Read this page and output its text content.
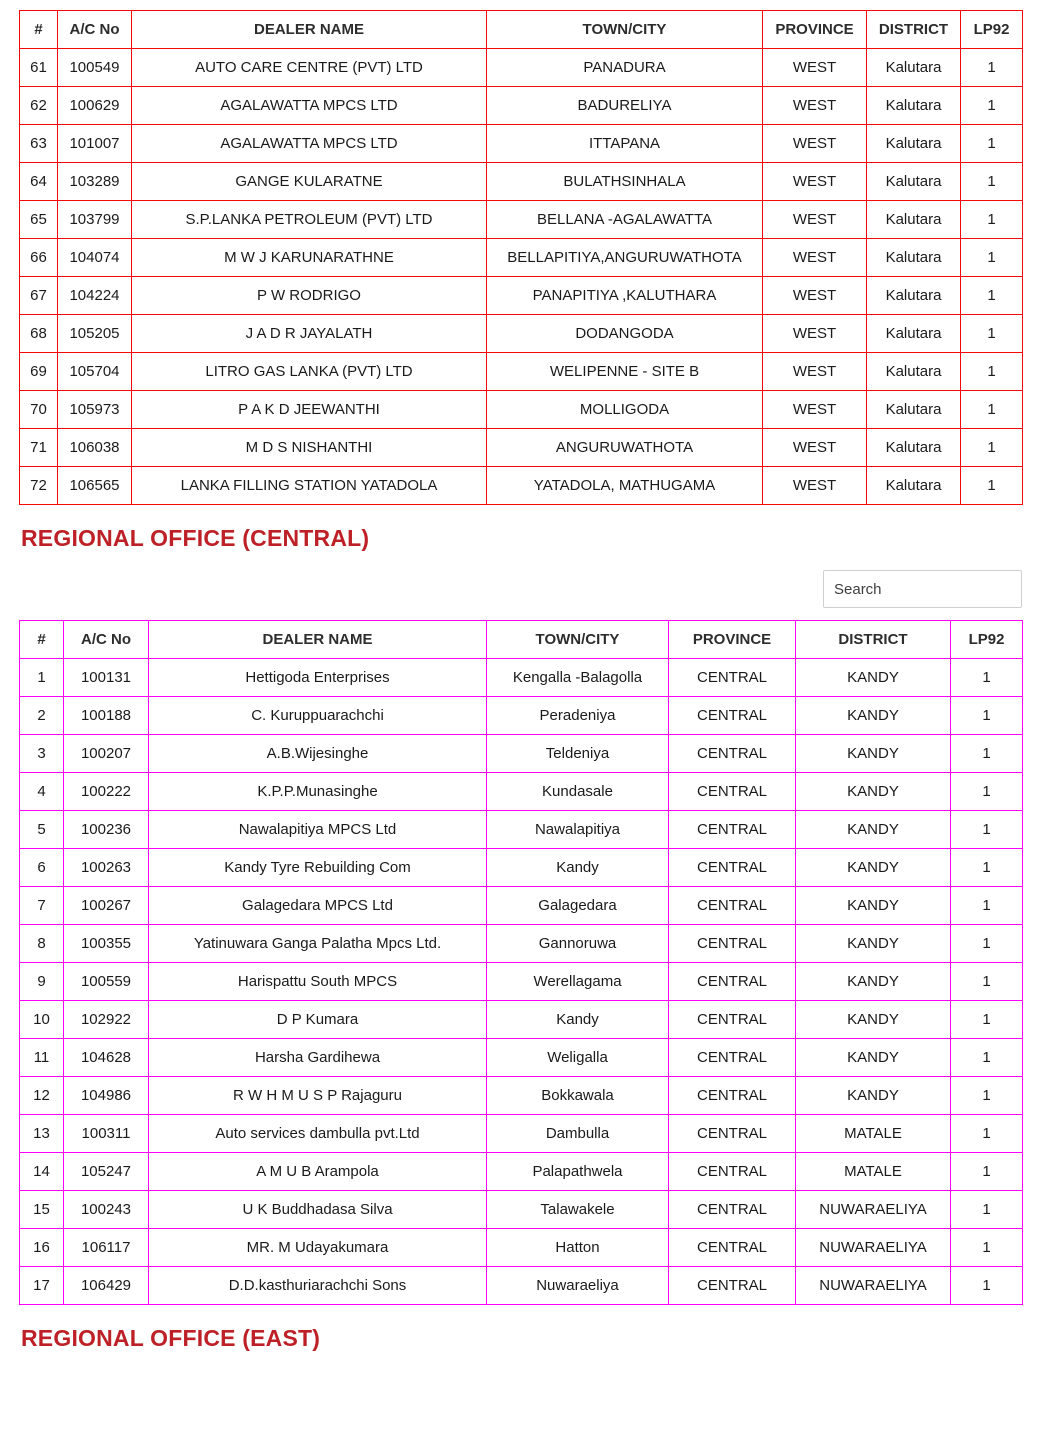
#	A/C No	DEALER NAME	TOWN/CITY	PROVINCE	DISTRICT	LP92
61	100549	AUTO CARE CENTRE (PVT) LTD	PANADURA	WEST	Kalutara	1
62	100629	AGALAWATTA MPCS LTD	BADURELIYA	WEST	Kalutara	1
63	101007	AGALAWATTA MPCS LTD	ITTAPANA	WEST	Kalutara	1
64	103289	GANGE KULARATNE	BULATHSINHALA	WEST	Kalutara	1
65	103799	S.P.LANKA PETROLEUM (PVT) LTD	BELLANA -AGALAWATTA	WEST	Kalutara	1
66	104074	M W J KARUNARATHNE	BELLAPITIYA,ANGURUWATHOTA	WEST	Kalutara	1
67	104224	P W RODRIGO	PANAPITIYA ,KALUTHARA	WEST	Kalutara	1
68	105205	J A D R JAYALATH	DODANGODA	WEST	Kalutara	1
69	105704	LITRO GAS LANKA (PVT) LTD	WELIPENNE - SITE B	WEST	Kalutara	1
70	105973	P A K D JEEWANTHI	MOLLIGODA	WEST	Kalutara	1
71	106038	M D S NISHANTHI	ANGURUWATHOTA	WEST	Kalutara	1
72	106565	LANKA FILLING STATION YATADOLA	YATADOLA, MATHUGAMA	WEST	Kalutara	1
REGIONAL OFFICE (CENTRAL)
Search
#	A/C No	DEALER NAME	TOWN/CITY	PROVINCE	DISTRICT	LP92
1	100131	Hettigoda Enterprises	Kengalla -Balagolla	CENTRAL	KANDY	1
2	100188	C. Kuruppuarachchi	Peradeniya	CENTRAL	KANDY	1
3	100207	A.B.Wijesinghe	Teldeniya	CENTRAL	KANDY	1
4	100222	K.P.P.Munasinghe	Kundasale	CENTRAL	KANDY	1
5	100236	Nawalapitiya MPCS Ltd	Nawalapitiya	CENTRAL	KANDY	1
6	100263	Kandy Tyre Rebuilding Com	Kandy	CENTRAL	KANDY	1
7	100267	Galagedara MPCS Ltd	Galagedara	CENTRAL	KANDY	1
8	100355	Yatinuwara Ganga Palatha Mpcs Ltd.	Gannoruwa	CENTRAL	KANDY	1
9	100559	Harispattu South MPCS	Werellagama	CENTRAL	KANDY	1
10	102922	D P Kumara	Kandy	CENTRAL	KANDY	1
11	104628	Harsha Gardihewa	Weligalla	CENTRAL	KANDY	1
12	104986	R W H M U S P Rajaguru	Bokkawala	CENTRAL	KANDY	1
13	100311	Auto services dambulla pvt.Ltd	Dambulla	CENTRAL	MATALE	1
14	105247	A M U B Arampola	Palapathwela	CENTRAL	MATALE	1
15	100243	U K Buddhadasa Silva	Talawakele	CENTRAL	NUWARAELIYA	1
16	106117	MR. M Udayakumara	Hatton	CENTRAL	NUWARAELIYA	1
17	106429	D.D.kasthuriarachchi Sons	Nuwaraeliya	CENTRAL	NUWARAELIYA	1
REGIONAL OFFICE (EAST)
